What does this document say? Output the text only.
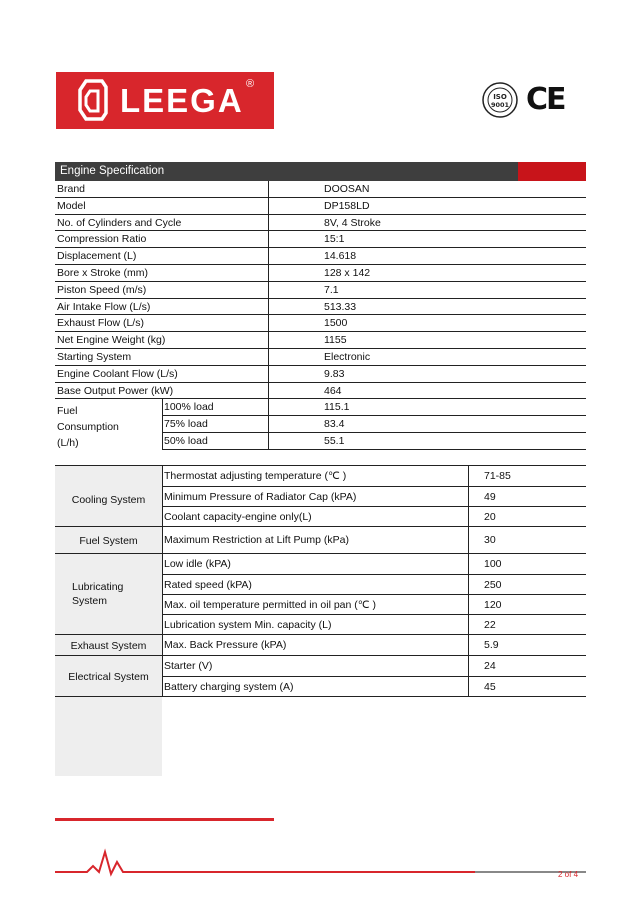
LEEGA ®
ISO
9001 CE
Engine Specification
Brand	DOOSAN
Model	DP158LD
No. of Cylinders and Cycle	8V, 4 Stroke
Compression Ratio	15:1
Displacement (L)	14.618
Bore x Stroke (mm)	128 x 142
Piston Speed (m/s)	7.1
Air Intake Flow (L/s)	513.33
Exhaust Flow (L/s)	1500
Net Engine Weight (kg)	1155
Starting System	Electronic
Engine Coolant Flow (L/s)	9.83
Base Output Power (kW)	464
Fuel
Consumption
(L/h)
100% load	115.1
75% load	83.4
50% load	55.1
Cooling System
Thermostat adjusting temperature (℃ )	71-85
Minimum Pressure of Radiator Cap (kPA)	49
Coolant capacity-engine only(L)	20
Fuel System	Maximum Restriction at Lift Pump (kPa)	30
Lubricating
System
Low idle (kPA)	100
Rated speed (kPA)	250
Max. oil temperature permitted in oil pan (℃ )	120
Lubrication system Min. capacity (L)	22
Exhaust System	Max. Back Pressure (kPA)	5.9
Electrical System
Starter (V)	24
Battery charging system (A)	45
2 of 4
